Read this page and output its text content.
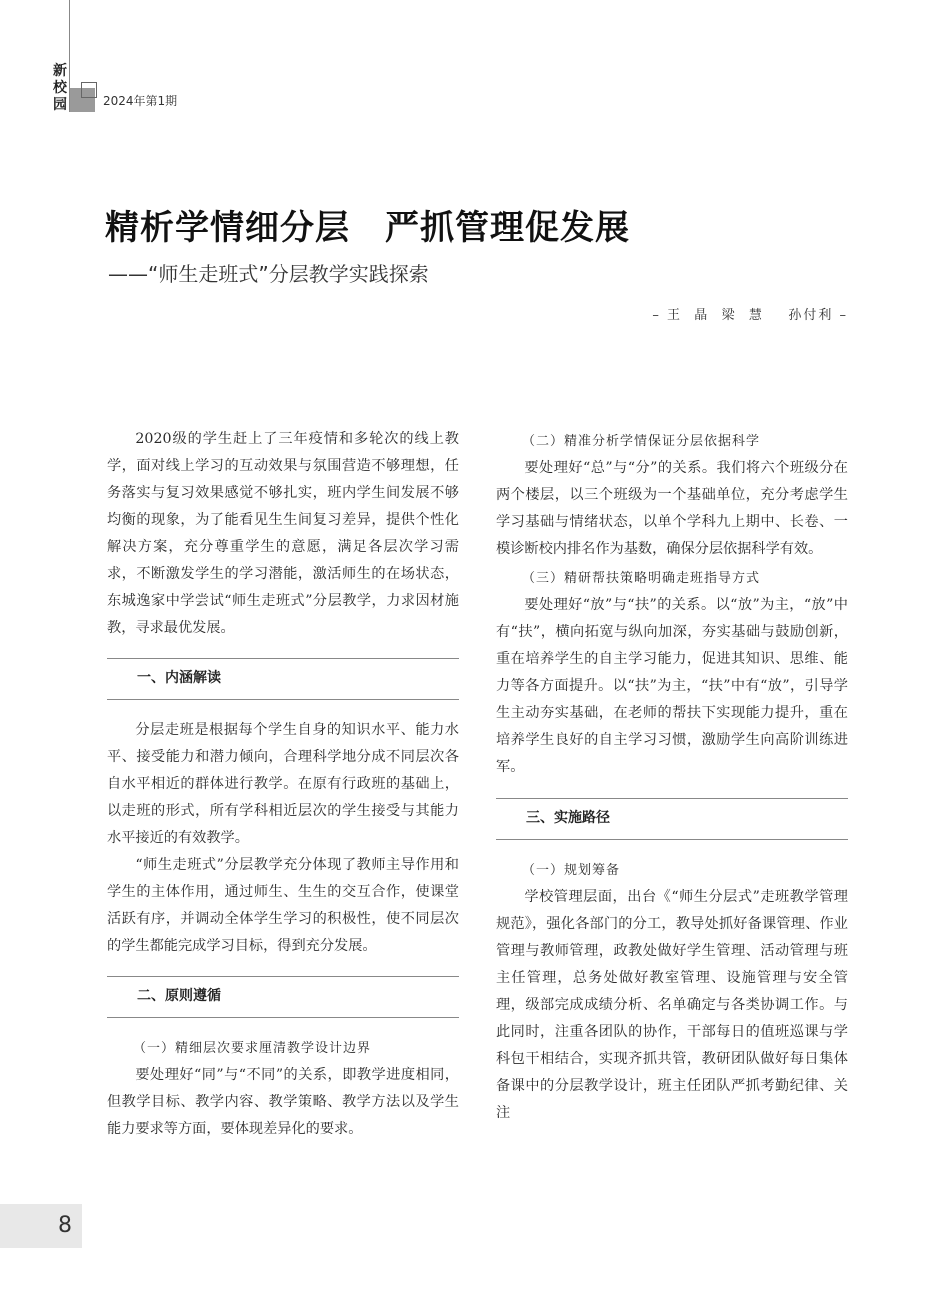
新
校
园	2024年第1期
精析学情细分层　严抓管理促发展
——“师生走班式”分层教学实践探索
– 王  晶  梁  慧    孙付利 –

2020级的学生赶上了三年疫情和多轮次的线上教学，面对线上学习的互动效果与氛围营造不够理想，任务落实与复习效果感觉不够扎实，班内学生间发展不够均衡的现象，为了能看见生生间复习差异，提供个性化解决方案，充分尊重学生的意愿，满足各层次学习需求，不断激发学生的学习潜能，激活师生的在场状态，东城逸家中学尝试“师生走班式”分层教学，力求因材施教，寻求最优发展。

一、内涵解读

分层走班是根据每个学生自身的知识水平、能力水平、接受能力和潜力倾向，合理科学地分成不同层次各自水平相近的群体进行教学。在原有行政班的基础上，以走班的形式，所有学科相近层次的学生接受与其能力水平接近的有效教学。

“师生走班式”分层教学充分体现了教师主导作用和学生的主体作用，通过师生、生生的交互合作，使课堂活跃有序，并调动全体学生学习的积极性，使不同层次的学生都能完成学习目标，得到充分发展。

二、原则遵循

（一）精细层次要求厘清教学设计边界

要处理好“同”与“不同”的关系，即教学进度相同，但教学目标、教学内容、教学策略、教学方法以及学生能力要求等方面，要体现差异化的要求。

（二）精准分析学情保证分层依据科学

要处理好“总”与“分”的关系。我们将六个班级分在两个楼层，以三个班级为一个基础单位，充分考虑学生学习基础与情绪状态，以单个学科九上期中、长卷、一模诊断校内排名作为基数，确保分层依据科学有效。

（三）精研帮扶策略明确走班指导方式

要处理好“放”与“扶”的关系。以“放”为主，“放”中有“扶”，横向拓宽与纵向加深，夯实基础与鼓励创新，重在培养学生的自主学习能力，促进其知识、思维、能力等各方面提升。以“扶”为主，“扶”中有“放”，引导学生主动夯实基础，在老师的帮扶下实现能力提升，重在培养学生良好的自主学习习惯，激励学生向高阶训练进军。

三、实施路径

（一）规划筹备

学校管理层面，出台《“师生分层式”走班教学管理规范》，强化各部门的分工，教导处抓好备课管理、作业管理与教师管理，政教处做好学生管理、活动管理与班主任管理，总务处做好教室管理、设施管理与安全管理，级部完成成绩分析、名单确定与各类协调工作。与此同时，注重各团队的协作，干部每日的值班巡课与学科包干相结合，实现齐抓共管，教研团队做好每日集体备课中的分层教学设计，班主任团队严抓考勤纪律、关注

8
